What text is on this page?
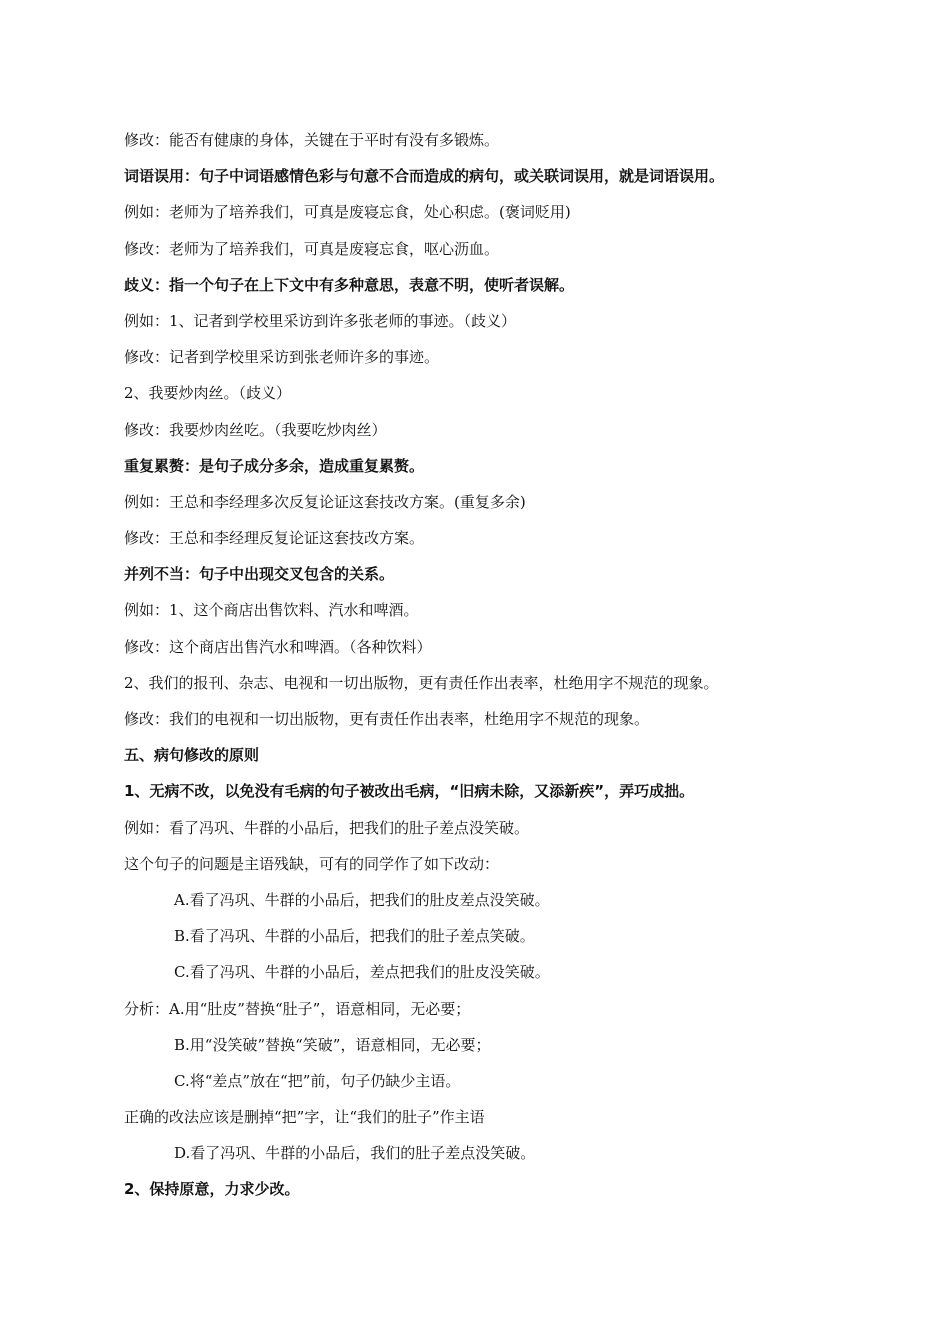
修改：能否有健康的身体，关键在于平时有没有多锻炼。
词语误用：句子中词语感情色彩与句意不合而造成的病句，或关联词误用，就是词语误用。
例如：老师为了培养我们，可真是废寝忘食，处心积虑。(褒词贬用)
修改：老师为了培养我们，可真是废寝忘食，呕心沥血。
歧义：指一个句子在上下文中有多种意思，表意不明，使听者误解。
例如：1、记者到学校里采访到许多张老师的事迹。（歧义）
修改：记者到学校里采访到张老师许多的事迹。
2、我要炒肉丝。（歧义）
修改：我要炒肉丝吃。（我要吃炒肉丝）
重复累赘：是句子成分多余，造成重复累赘。
例如：王总和李经理多次反复论证这套技改方案。(重复多余)
修改：王总和李经理反复论证这套技改方案。
并列不当：句子中出现交叉包含的关系。
例如：1、这个商店出售饮料、汽水和啤酒。
修改：这个商店出售汽水和啤酒。（各种饮料）
2、我们的报刊、杂志、电视和一切出版物，更有责任作出表率，杜绝用字不规范的现象。
修改：我们的电视和一切出版物，更有责任作出表率，杜绝用字不规范的现象。
五、病句修改的原则
1、无病不改，以免没有毛病的句子被改出毛病，“旧病未除，又添新疾”，弄巧成拙。
例如：看了冯巩、牛群的小品后，把我们的肚子差点没笑破。
这个句子的问题是主语残缺，可有的同学作了如下改动：
A.看了冯巩、牛群的小品后，把我们的肚皮差点没笑破。
B.看了冯巩、牛群的小品后，把我们的肚子差点笑破。
C.看了冯巩、牛群的小品后，差点把我们的肚皮没笑破。
分析：A.用“肚皮”替换“肚子”，语意相同，无必要；
B.用“没笑破”替换“笑破”，语意相同，无必要；
C.将“差点”放在“把”前，句子仍缺少主语。
正确的改法应该是删掉“把”字，让“我们的肚子”作主语
D.看了冯巩、牛群的小品后，我们的肚子差点没笑破。
2、保持原意，力求少改。
